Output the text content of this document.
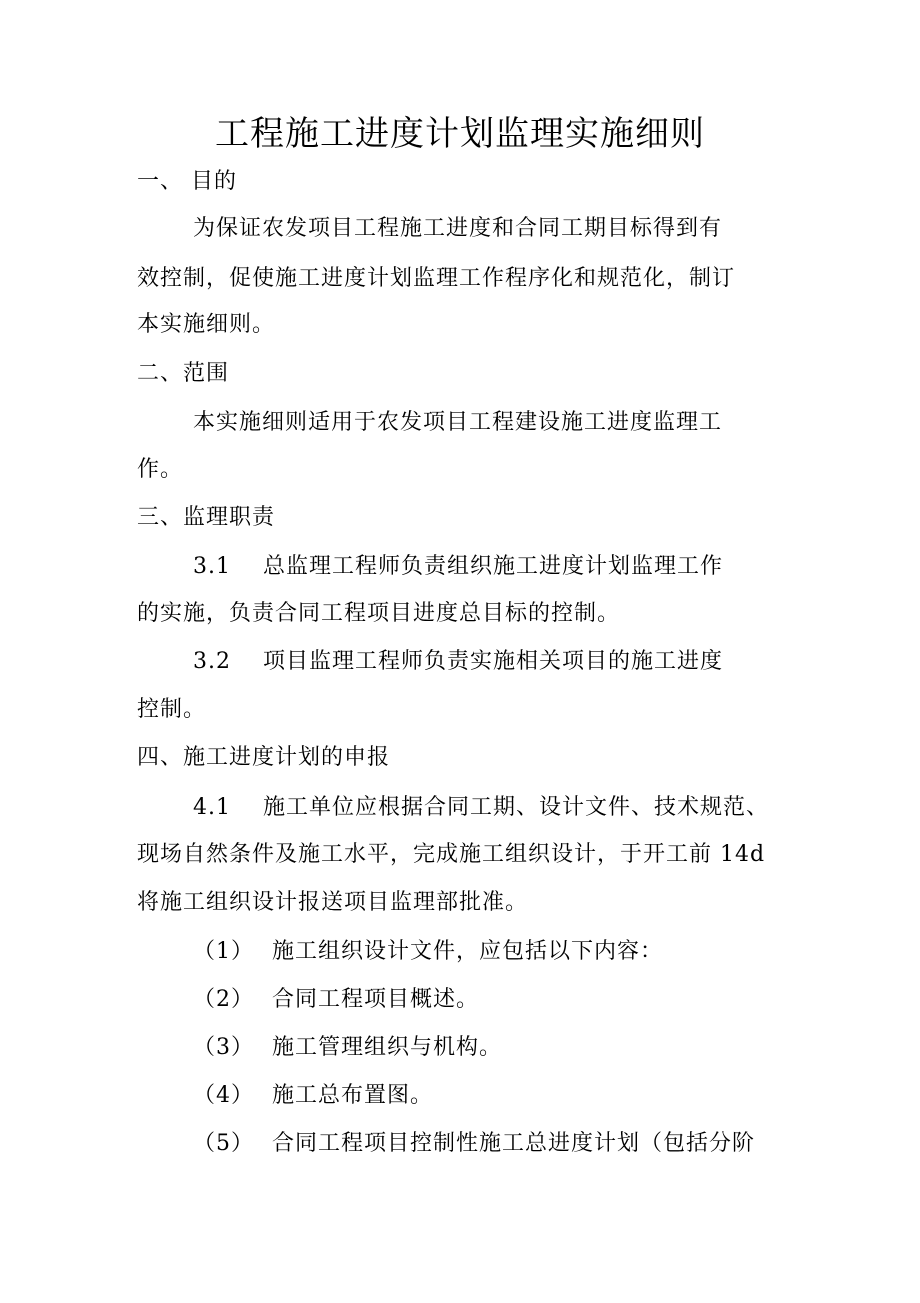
工程施工进度计划监理实施细则
一、 目的
为保证农发项目工程施工进度和合同工期目标得到有
效控制，促使施工进度计划监理工作程序化和规范化，制订
本实施细则。
二、范围
本实施细则适用于农发项目工程建设施工进度监理工
作。
三、监理职责
3.1 总监理工程师负责组织施工进度计划监理工作
的实施，负责合同工程项目进度总目标的控制。
3.2 项目监理工程师负责实施相关项目的施工进度
控制。
四、施工进度计划的申报
4.1 施工单位应根据合同工期、设计文件、技术规范、
现场自然条件及施工水平，完成施工组织设计，于开工前 14d
将施工组织设计报送项目监理部批准。
（1） 施工组织设计文件，应包括以下内容：
（2） 合同工程项目概述。
（3） 施工管理组织与机构。
（4） 施工总布置图。
（5） 合同工程项目控制性施工总进度计划（包括分阶
